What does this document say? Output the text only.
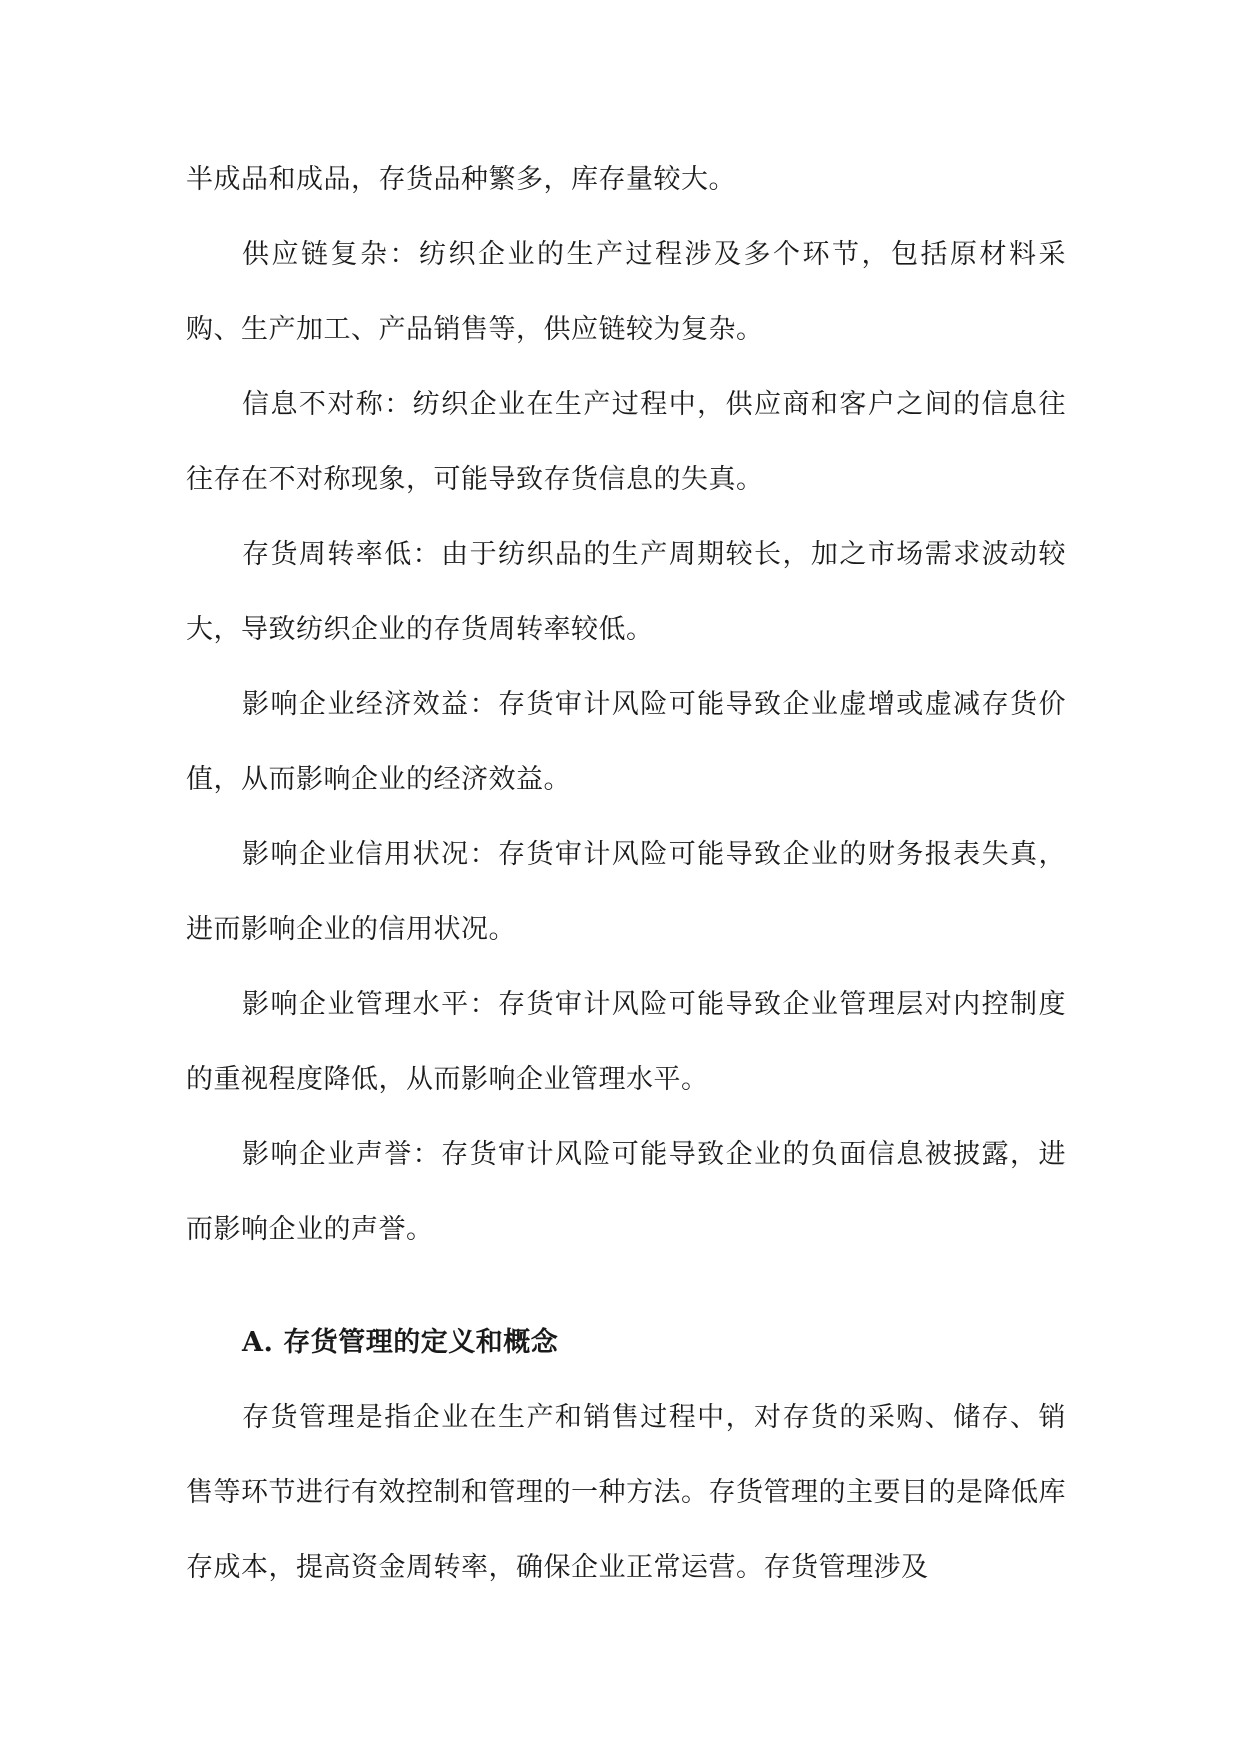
半成品和成品，存货品种繁多，库存量较大。

供应链复杂：纺织企业的生产过程涉及多个环节，包括原材料采购、生产加工、产品销售等，供应链较为复杂。

信息不对称：纺织企业在生产过程中，供应商和客户之间的信息往往存在不对称现象，可能导致存货信息的失真。

存货周转率低：由于纺织品的生产周期较长，加之市场需求波动较大，导致纺织企业的存货周转率较低。

影响企业经济效益：存货审计风险可能导致企业虚增或虚减存货价值，从而影响企业的经济效益。

影响企业信用状况：存货审计风险可能导致企业的财务报表失真，进而影响企业的信用状况。

影响企业管理水平：存货审计风险可能导致企业管理层对内控制度的重视程度降低，从而影响企业管理水平。

影响企业声誉：存货审计风险可能导致企业的负面信息被披露，进而影响企业的声誉。

A. 存货管理的定义和概念

存货管理是指企业在生产和销售过程中，对存货的采购、储存、销售等环节进行有效控制和管理的一种方法。存货管理的主要目的是降低库存成本，提高资金周转率，确保企业正常运营。存货管理涉及
